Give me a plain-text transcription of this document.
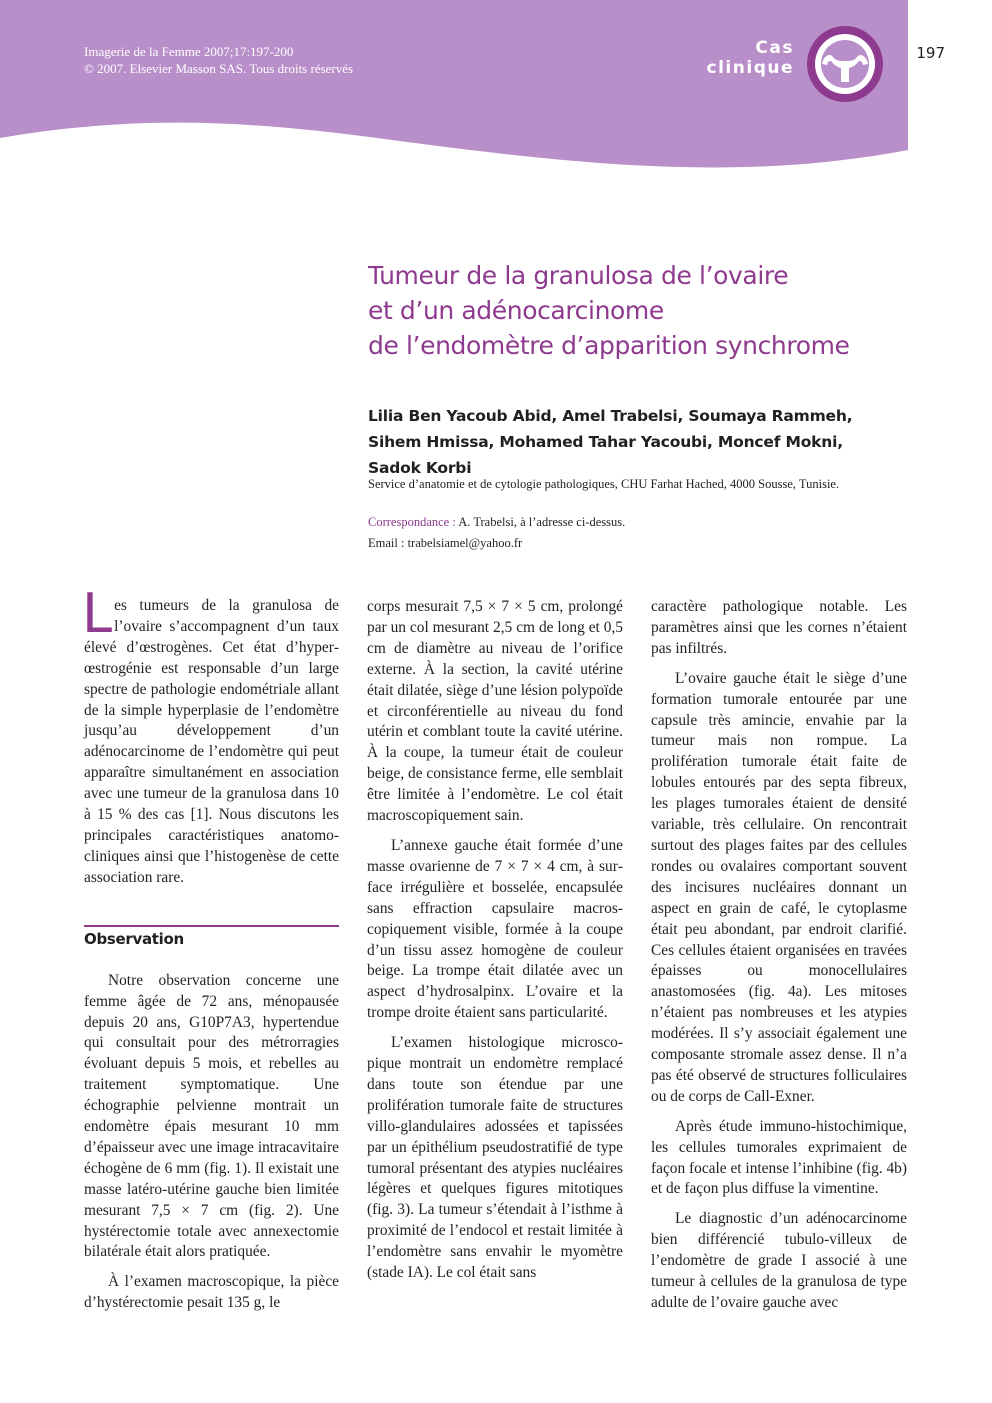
Imagerie de la Femme 2007;17:197-200
© 2007. Elsevier Masson SAS. Tous droits réservés
Cas clinique
197
Tumeur de la granulosa de l’ovaire
et d’un adénocarcinome
de l’endomètre d’apparition synchrome
Lilia Ben Yacoub Abid, Amel Trabelsi, Soumaya Rammeh,
Sihem Hmissa, Mohamed Tahar Yacoubi, Moncef Mokni,
Sadok Korbi
Service d’anatomie et de cytologie pathologiques, CHU Farhat Hached, 4000 Sousse, Tunisie.
Correspondance : A. Trabelsi, à l’adresse ci-dessus.
Email : trabelsiamel@yahoo.fr

Les tumeurs de la granulosa de l’ovaire s’accompagnent d’un taux élevé d’œstrogènes. Cet état d’hyperœstrogénie est responsable d’un large spectre de pathologie endométriale allant de la simple hyperplasie de l’endomètre jusqu’au développement d’un adénocarcinome de l’endomètre qui peut apparaître simultanément en association avec une tumeur de la granulosa dans 10 à 15 % des cas [1]. Nous discutons les principales caractéristiques anatomo-cliniques ainsi que l’histogenèse de cette association rare.

Observation

Notre observation concerne une femme âgée de 72 ans, ménopausée depuis 20 ans, G10P7A3, hypertendue qui consultait pour des métrorragies évoluant depuis 5 mois, et rebelles au traitement symptomatique. Une échographie pelvienne montrait un endomètre épais mesurant 10 mm d’épaisseur avec une image intracavitaire échogène de 6 mm (fig. 1). Il existait une masse latéro-utérine gauche bien limitée mesurant 7,5 × 7 cm (fig. 2). Une hystérectomie totale avec annexectomie bilatérale était alors pratiquée.

À l’examen macroscopique, la pièce d’hystérectomie pesait 135 g, le

corps mesurait 7,5 × 7 × 5 cm, prolongé par un col mesurant 2,5 cm de long et 0,5 cm de diamètre au niveau de l’orifice externe. À la section, la cavité utérine était dilatée, siège d’une lésion polypoïde et circonférentielle au niveau du fond utérin et comblant toute la cavité utérine. À la coupe, la tumeur était de couleur beige, de consistance ferme, elle semblait être limitée à l’endomètre. Le col était macroscopiquement sain.

L’annexe gauche était formée d’une masse ovarienne de 7 × 7 × 4 cm, à surface irrégulière et bosselée, encapsulée sans effraction capsulaire macroscopiquement visible, formée à la coupe d’un tissu assez homogène de couleur beige. La trompe était dilatée avec un aspect d’hydrosalpinx. L’ovaire et la trompe droite étaient sans particularité.

L’examen histologique microscopique montrait un endomètre remplacé dans toute son étendue par une prolifération tumorale faite de structures villo-glandulaires adossées et tapissées par un épithélium pseudostratifié de type tumoral présentant des atypies nucléaires légères et quelques figures mitotiques (fig. 3). La tumeur s’étendait à l’isthme à proximité de l’endocol et restait limitée à l’endomètre sans envahir le myomètre (stade IA). Le col était sans

caractère pathologique notable. Les paramètres ainsi que les cornes n’étaient pas infiltrés.

L’ovaire gauche était le siège d’une formation tumorale entourée par une capsule très amincie, envahie par la tumeur mais non rompue. La prolifération tumorale était faite de lobules entourés par des septa fibreux, les plages tumorales étaient de densité variable, très cellulaire. On rencontrait surtout des plages faites par des cellules rondes ou ovalaires comportant souvent des incisures nucléaires donnant un aspect en grain de café, le cytoplasme était peu abondant, par endroit clarifié. Ces cellules étaient organisées en travées épaisses ou monocellulaires anastomosées (fig. 4a). Les mitoses n’étaient pas nombreuses et les atypies modérées. Il s’y associait également une composante stromale assez dense. Il n’a pas été observé de structures folliculaires ou de corps de Call-Exner.

Après étude immuno-histochimique, les cellules tumorales exprimaient de façon focale et intense l’inhibine (fig. 4b) et de façon plus diffuse la vimentine.

Le diagnostic d’un adénocarcinome bien différencié tubulo-villeux de l’endomètre de grade I associé à une tumeur à cellules de la granulosa de type adulte de l’ovaire gauche avec
